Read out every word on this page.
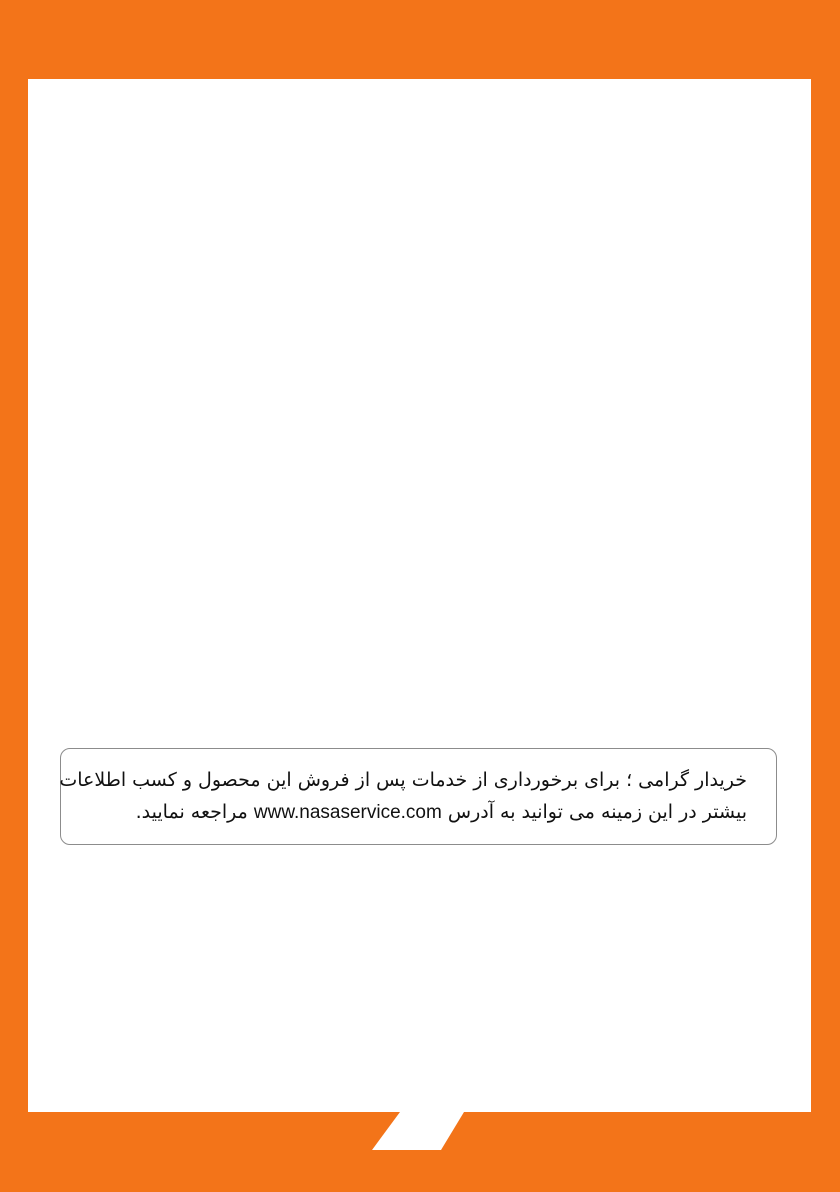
خریدار گرامی ؛ برای برخورداری از خدمات پس از فروش این محصول و کسب اطلاعات
بیشتر در این زمینه می توانید به آدرس www.nasaservice.com مراجعه نمایید.
